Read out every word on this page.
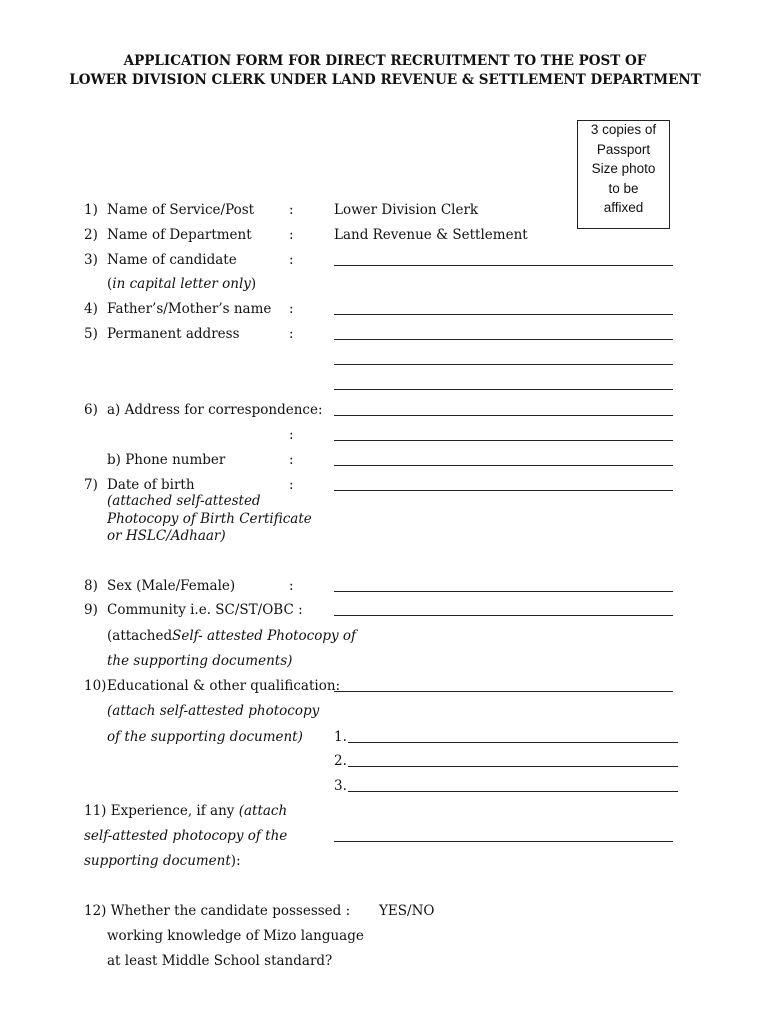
APPLICATION FORM FOR DIRECT RECRUITMENT TO THE POST OF
LOWER DIVISION CLERK UNDER LAND REVENUE & SETTLEMENT DEPARTMENT
3 copies of
Passport
Size photo
to be
affixed
1) Name of Service/Post	:	Lower Division Clerk
2) Name of Department	:	Land Revenue & Settlement
3) Name of candidate	:
(in capital letter only)
4) Father’s/Mother’s name :
5) Permanent address	:
6) a) Address for correspondence:
:
b) Phone number	:
7) Date of birth	:
(attached self-attested
Photocopy of Birth Certificate
or HSLC/Adhaar)
8) Sex (Male/Female)	:
9) Community i.e. SC/ST/OBC :
(attachedSelf- attested Photocopy of
the supporting documents)
10) Educational & other qualification:
(attach self-attested photocopy
of the supporting document) 1.
2.
3.
11) Experience, if any (attach
self-attested photocopy of the
supporting document):
12) Whether the candidate possessed : YES/NO
working knowledge of Mizo language
at least Middle School standard?
